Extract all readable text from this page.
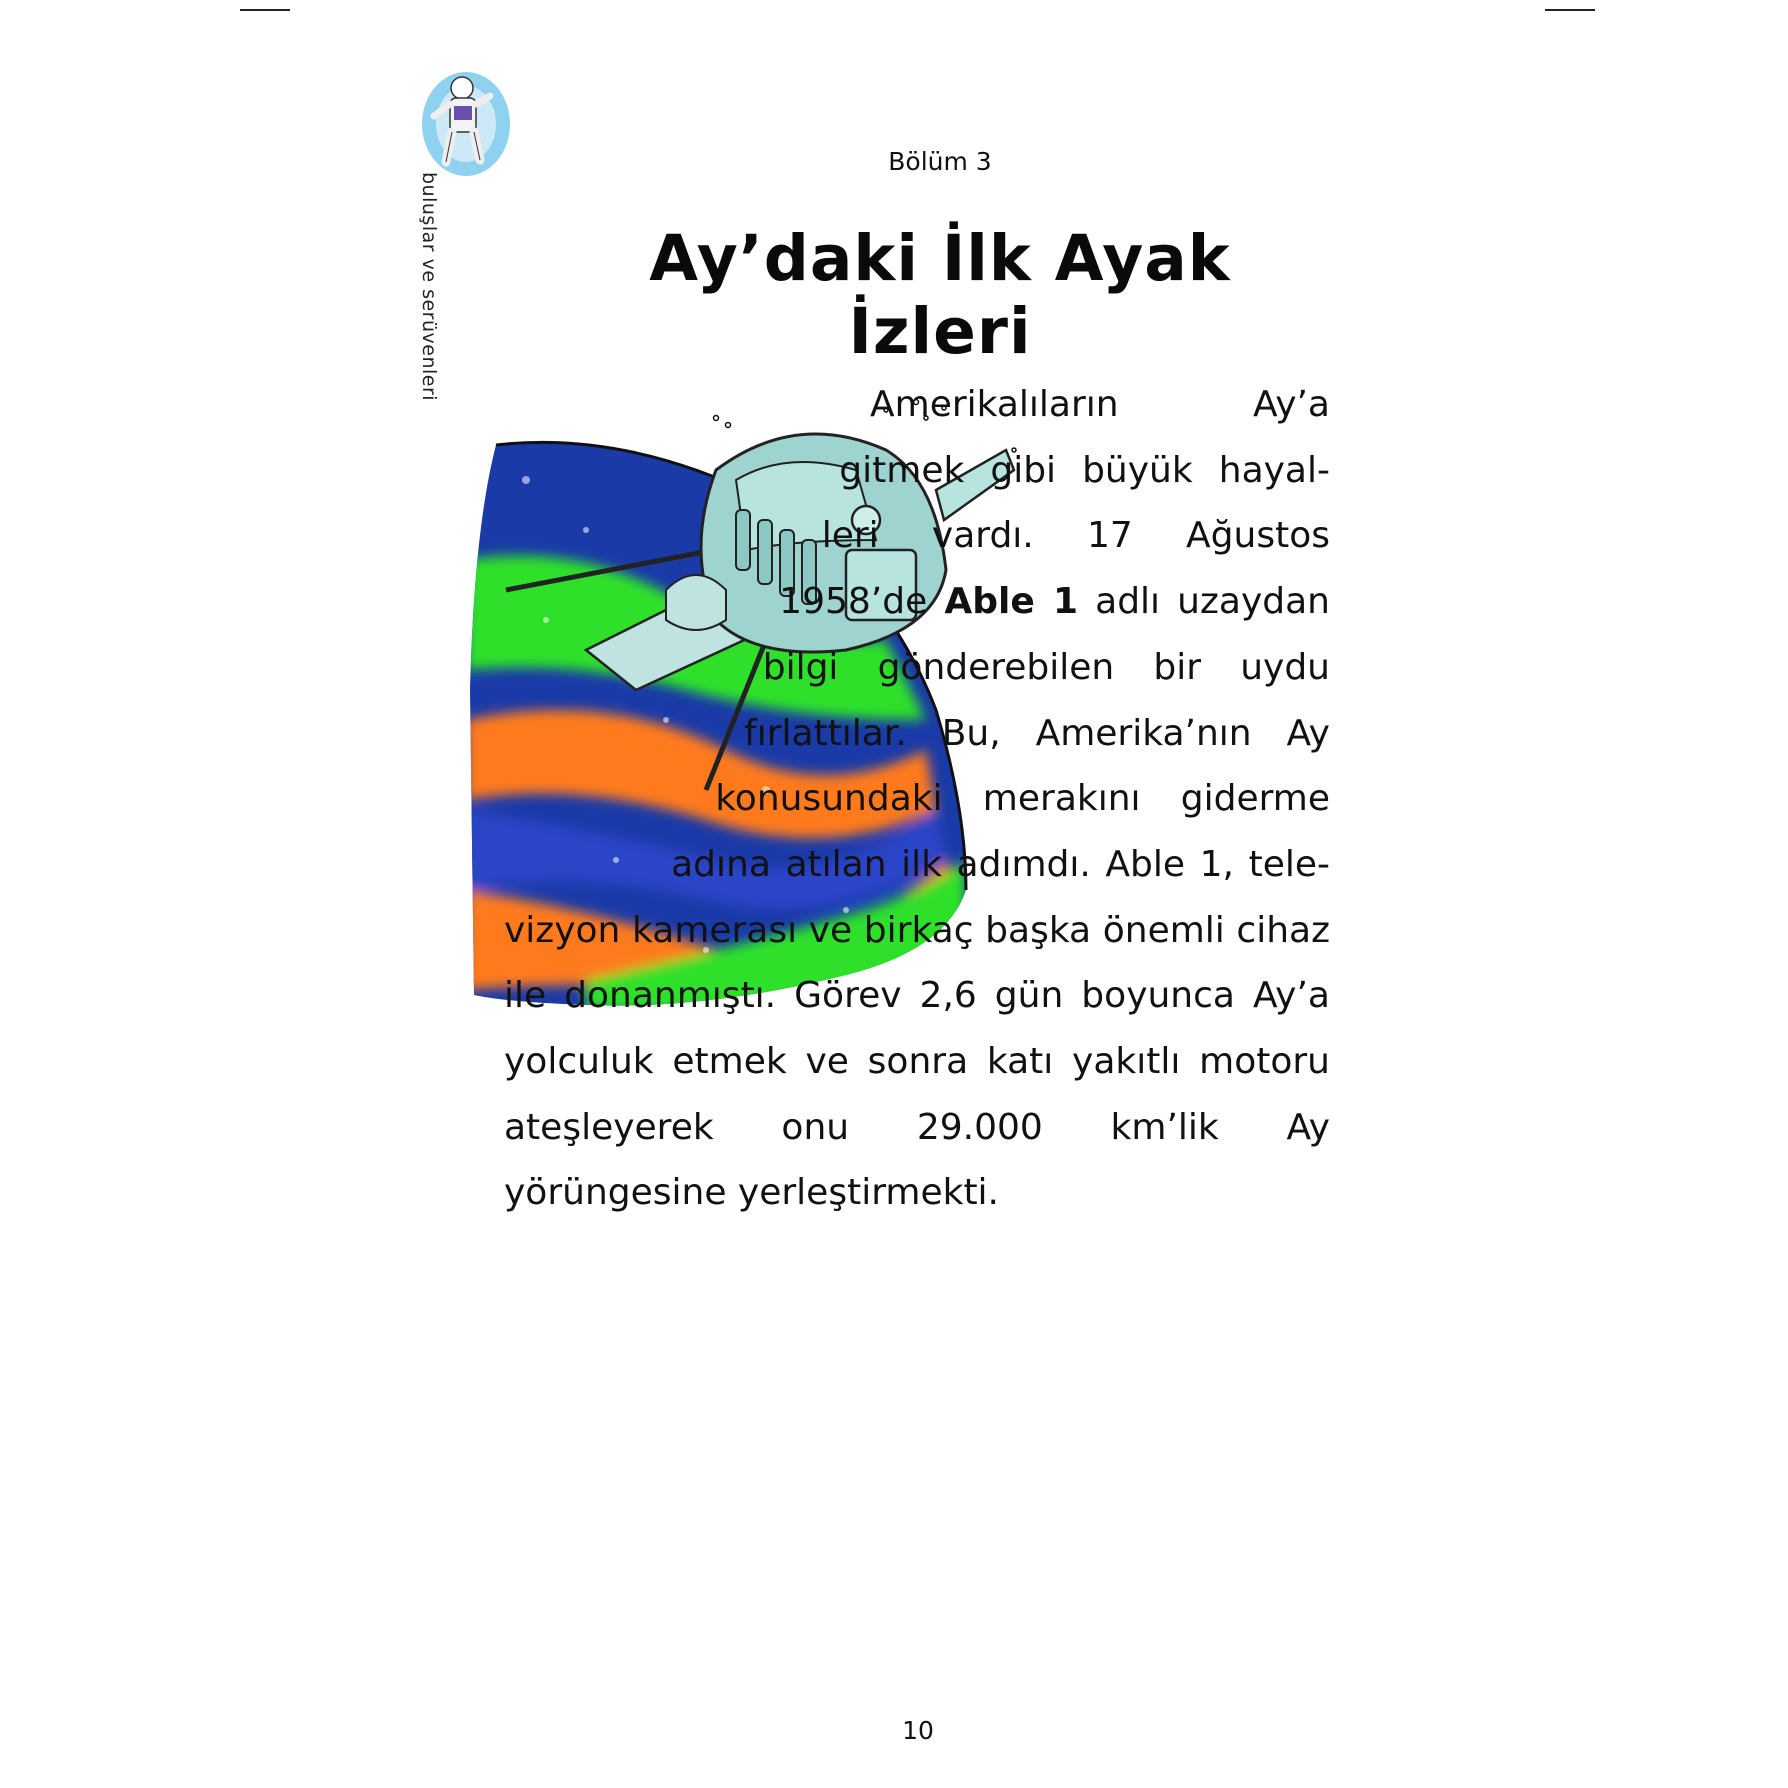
buluşlar ve serüvenleri
Bölüm 3
Ay’daki İlk Ayak İzleri
Amerikalıların Ay’a gitmek gibi büyük hayalleri vardı. 17 Ağustos 1958’de Able 1 adlı uzaydan bilgi gönderebilen bir uydu fırlattılar. Bu, Amerika’nın Ay konusundaki merakını giderme adına atılan ilk adımdı. Able 1, televizyon kamerası ve birkaç başka önemli cihaz ile donanmıştı. Görev 2,6 gün boyunca Ay’a yolculuk etmek ve sonra katı yakıtlı motoru ateşleyerek onu 29.000 km’lik Ay yörüngesine yerleştirmekti.
10
